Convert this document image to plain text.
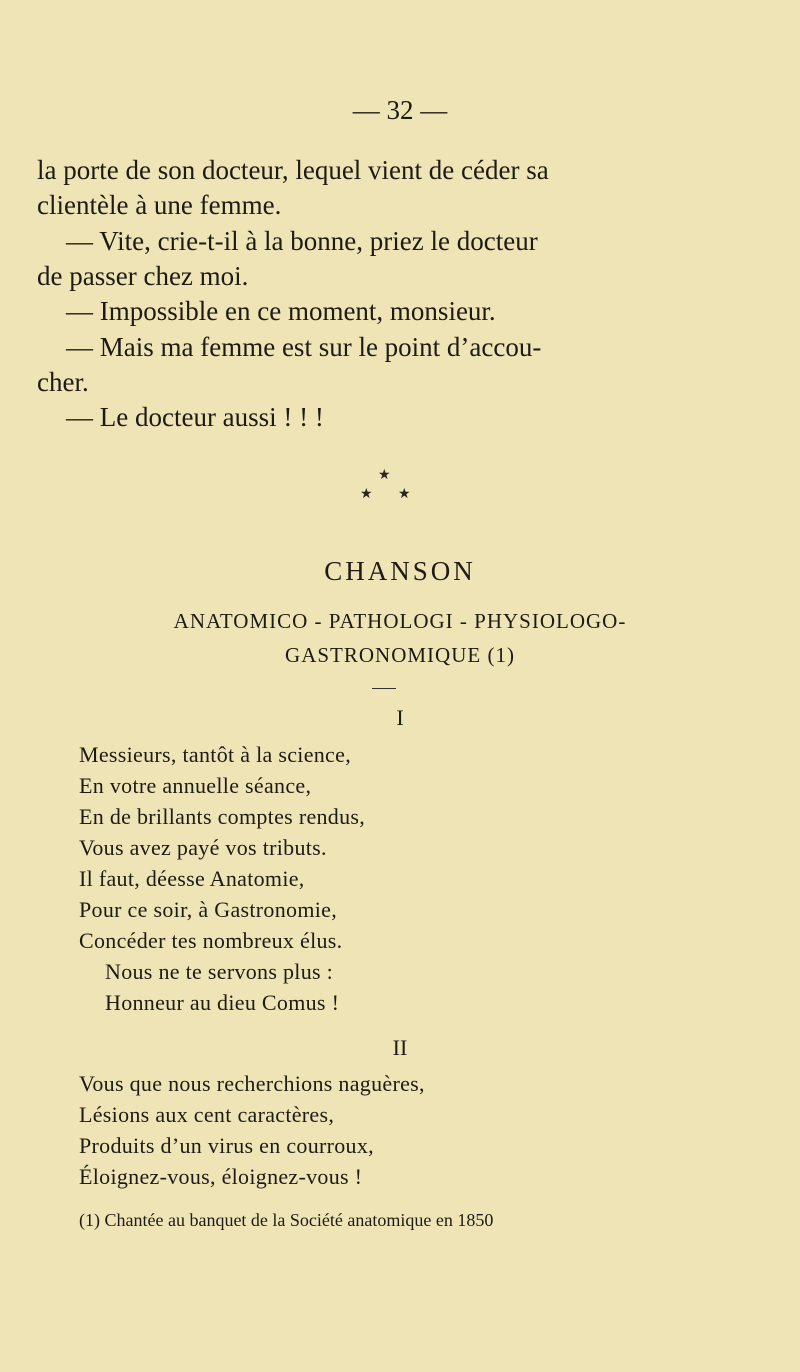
— 32 —
la porte de son docteur, lequel vient de céder sa
clientèle à une femme.
— Vite, crie-t-il à la bonne, priez le docteur
de passer chez moi.
— Impossible en ce moment, monsieur.
— Mais ma femme est sur le point d’accou-
cher.
— Le docteur aussi ! ! !
★
★ ★
CHANSON
ANATOMICO - PATHOLOGI - PHYSIOLOGO-
GASTRONOMIQUE (1)
I
Messieurs, tantôt à la science,
En votre annuelle séance,
En de brillants comptes rendus,
Vous avez payé vos tributs.
Il faut, déesse Anatomie,
Pour ce soir, à Gastronomie,
Concéder tes nombreux élus.
Nous ne te servons plus :
Honneur au dieu Comus !
II
Vous que nous recherchions naguères,
Lésions aux cent caractères,
Produits d’un virus en courroux,
Éloignez-vous, éloignez-vous !
(1) Chantée au banquet de la Société anatomique en 1850
